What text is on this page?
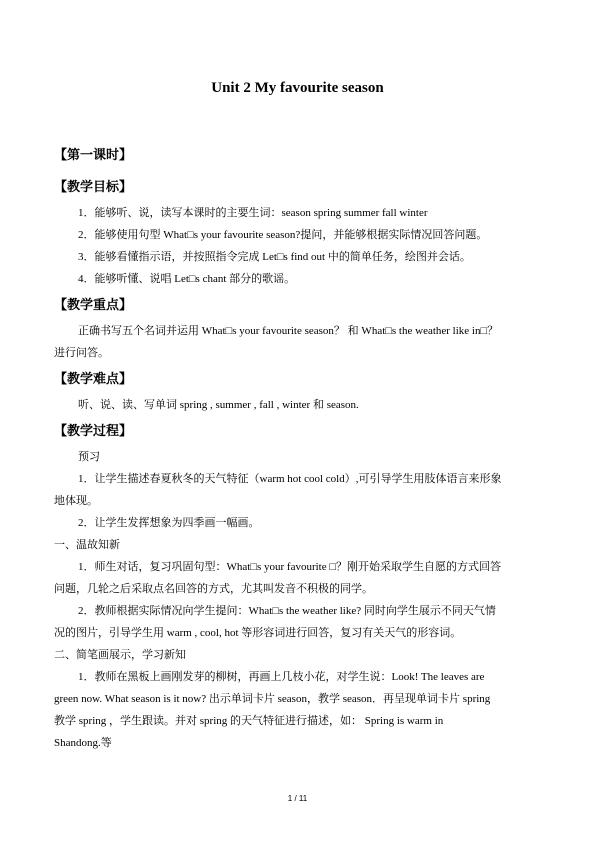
Unit 2 My favourite season

【第一课时】

【教学目标】

1．能够听、说，读写本课时的主要生词：season spring summer fall winter

2．能够使用句型 What□s your favourite season?提问，并能够根据实际情况回答问题。

3．能够看懂指示语，并按照指令完成 Let□s find out 中的简单任务，绘图并会话。

4．能够听懂、说唱 Let□s chant 部分的歌谣。

【教学重点】

正确书写五个名词并运用 What□s your favourite season？ 和 What□s the weather like in□？

进行问答。

【教学难点】

听、说、读、写单词 spring , summer , fall , winter 和 season.

【教学过程】

预习

1．让学生描述春夏秋冬的天气特征（warm hot cool cold）,可引导学生用肢体语言来形象

地体现。

2．让学生发挥想象为四季画一幅画。

一、温故知新

1．师生对话，复习巩固句型：What□s your favourite □？刚开始采取学生自愿的方式回答

问题，几轮之后采取点名回答的方式，尤其叫发音不积极的同学。

2．教师根据实际情况向学生提问：What□s the weather like? 同时向学生展示不同天气情

况的图片，引导学生用 warm , cool, hot 等形容词进行回答，复习有关天气的形容词。

二、简笔画展示，学习新知

1．教师在黑板上画刚发芽的柳树，再画上几枝小花，对学生说：Look! The leaves are

green now. What season is it now? 出示单词卡片 season，教学 season．再呈现单词卡片 spring

教学 spring ，学生跟读。并对 spring 的天气特征进行描述，如： Spring is warm in

Shandong.等

1 / 11
